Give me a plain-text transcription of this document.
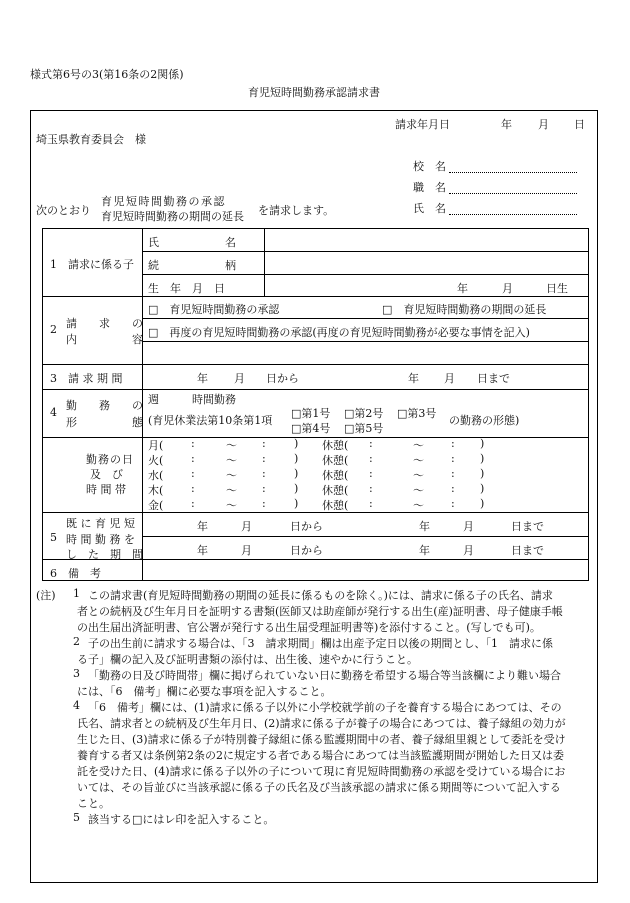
様式第6号の3(第16条の2関係)
育児短時間勤務承認請求書
請求年月日	年 月 日
埼玉県教育委員会　様
校　名
職　名
氏　名
次のとおり
育児短時間勤務の承認
育児短時間勤務の期間の延長 を請求します。
1　請求に係る子
氏　　　　　　名
続　　　　　　柄
生　年　月　日	年	月	日生
2 請　　求　　の
内　　　　　容
□　育児短時間勤務の承認	□　育児短時間勤務の期間の延長
□　再度の育児短時間勤務の承認(再度の育児短時間勤務が必要な事情を記入)
3　請 求 期 間	年 月 日から	年 月 日まで
4
勤　　務　　の
形　　　　　態
週　　　時間勤務
(育児休業法第10条第1項
□第1号 □第2号 □第3号
□第4号 □第5号
の勤務の形態)
勤務の日
及　び
時 間 帯
月(	:	～ :	) 休憩( :	～ : )
火(	:	～ :	) 休憩( :	～ : )
水(	:	～ :	) 休憩( :	～ : )
木(	:	～ :	) 休憩( :	～ : )
金(	:	～ :	) 休憩( :	～ : )
5
既 に 育 児 短
時 間 勤 務 を
し　た　期　間
年	月	日から	年	月	日まで
年	月	日から	年	月	日まで
6　備　考
(注) 1 この請求書(育児短時間勤務の期間の延長に係るものを除く。)には、請求に係る子の氏名、請求
者との続柄及び生年月日を証明する書類(医師又は助産師が発行する出生(産)証明書、母子健康手帳
の出生届出済証明書、官公署が発行する出生届受理証明書等)を添付すること。(写しでも可)。
2 子の出生前に請求する場合は、「3　請求期間」欄は出産予定日以後の期間とし、「1　請求に係
る子」欄の記入及び証明書類の添付は、出生後、速やかに行うこと。
3 「勤務の日及び時間帯」欄に掲げられていない日に勤務を希望する場合等当該欄により難い場合
には、「6　備考」欄に必要な事項を記入すること。
4 「6　備考」欄には、(1)請求に係る子以外に小学校就学前の子を養育する場合にあつては、その
氏名、請求者との続柄及び生年月日、(2)請求に係る子が養子の場合にあつては、養子縁組の効力が
生じた日、(3)請求に係る子が特別養子縁組に係る監護期間中の者、養子縁組里親として委託を受け
養育する者又は条例第2条の2に規定する者である場合にあつては当該監護期間が開始した日又は委
託を受けた日、(4)請求に係る子以外の子について現に育児短時間勤務の承認を受けている場合にお
いては、その旨並びに当該承認に係る子の氏名及び当該承認の請求に係る期間等について記入する
こと。
5 該当する□にはレ印を記入すること。
